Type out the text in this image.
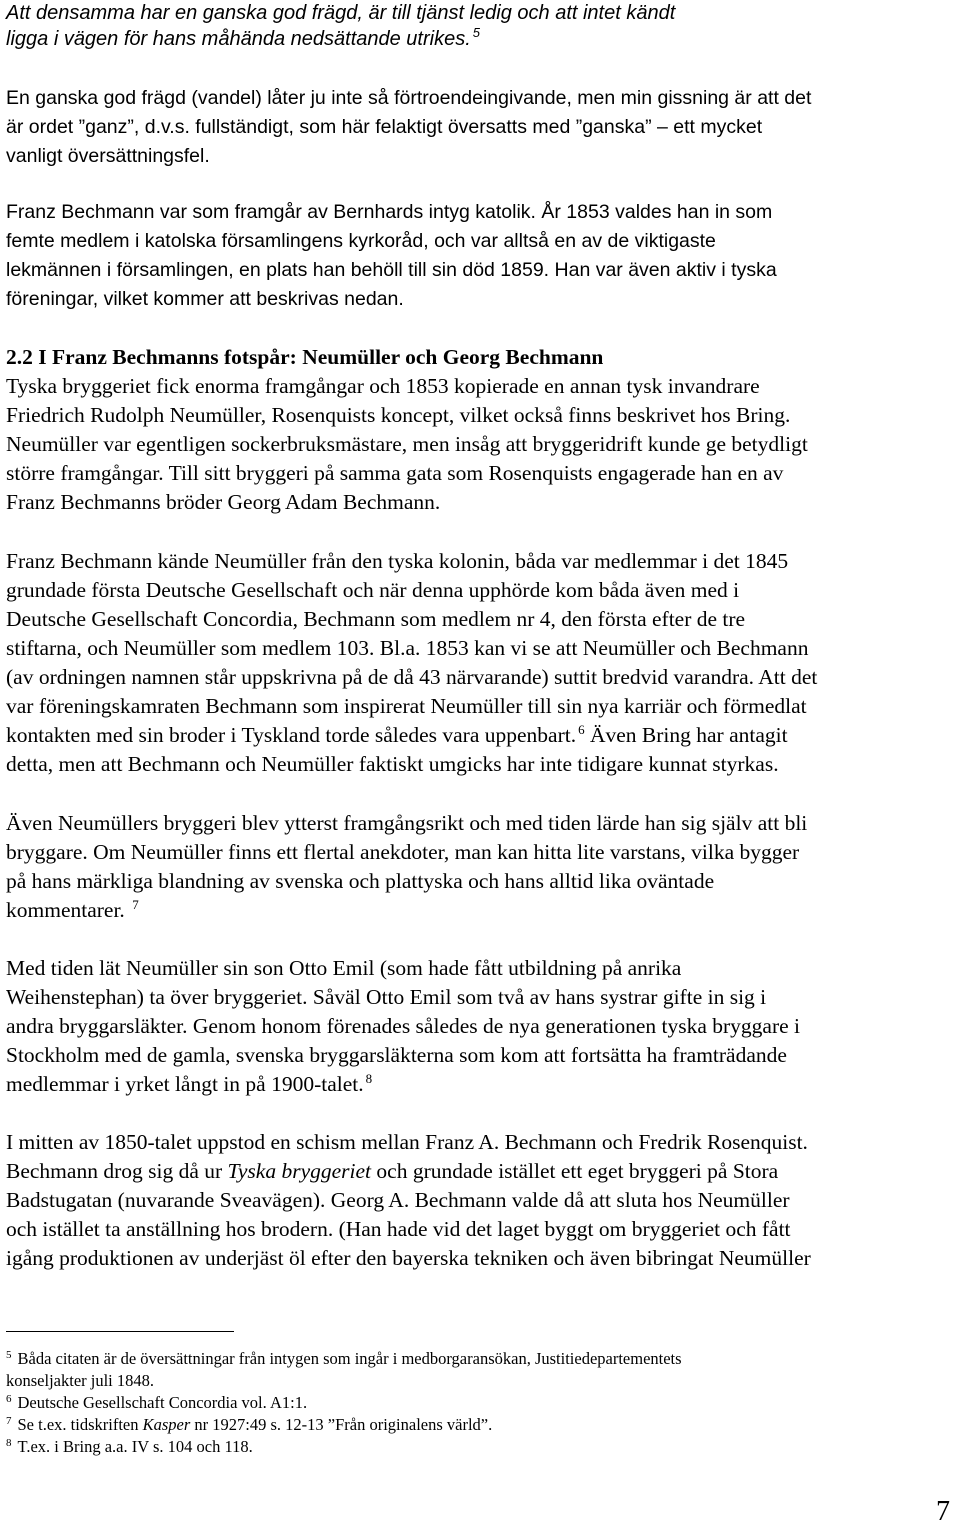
Att densamma har en ganska god frägd, är till tjänst ledig och att intet kändt
ligga i vägen för hans måhända nedsättande utrikes. $^5$
En ganska god frägd (vandel) låter ju inte så förtroendeingivande, men min gissning är att det
är ordet ”ganz”, d.v.s. fullständigt, som här felaktigt översatts med ”ganska” – ett mycket
vanligt översättningsfel.
Franz Bechmann var som framgår av Bernhards intyg katolik. År 1853 valdes han in som
femte medlem i katolska församlingens kyrkoråd, och var alltså en av de viktigaste
lekmännen i församlingen, en plats han behöll till sin död 1859. Han var även aktiv i tyska
föreningar, vilket kommer att beskrivas nedan.
2.2 I Franz Bechmanns fotspår: Neumüller och Georg Bechmann
Tyska bryggeriet fick enorma framgångar och 1853 kopierade en annan tysk invandrare
Friedrich Rudolph Neumüller, Rosenquists koncept, vilket också finns beskrivet hos Bring.
Neumüller var egentligen sockerbruksmästare, men insåg att bryggeridrift kunde ge betydligt
större framgångar. Till sitt bryggeri på samma gata som Rosenquists engagerade han en av
Franz Bechmanns bröder Georg Adam Bechmann.
Franz Bechmann kände Neumüller från den tyska kolonin, båda var medlemmar i det 1845
grundade första Deutsche Gesellschaft och när denna upphörde kom båda även med i
Deutsche Gesellschaft Concordia, Bechmann som medlem nr 4, den första efter de tre
stiftarna, och Neumüller som medlem 103. Bl.a. 1853 kan vi se att Neumüller och Bechmann
(av ordningen namnen står uppskrivna på de då 43 närvarande) suttit bredvid varandra. Att det
var föreningskamraten Bechmann som inspirerat Neumüller till sin nya karriär och förmedlat
kontakten med sin broder i Tyskland torde således vara uppenbart. $^6$ Även Bring har antagit
detta, men att Bechmann och Neumüller faktiskt umgicks har inte tidigare kunnat styrkas.
Även Neumüllers bryggeri blev ytterst framgångsrikt och med tiden lärde han sig själv att bli
bryggare. Om Neumüller finns ett flertal anekdoter, man kan hitta lite varstans, vilka bygger
på hans märkliga blandning av svenska och plattyska och hans alltid lika oväntade
kommentarer. $^7$
Med tiden lät Neumüller sin son Otto Emil (som hade fått utbildning på anrika
Weihenstephan) ta över bryggeriet. Såväl Otto Emil som två av hans systrar gifte in sig i
andra bryggarsläkter. Genom honom förenades således de nya generationen tyska bryggare i
Stockholm med de gamla, svenska bryggarsläkterna som kom att fortsätta ha framträdande
medlemmar i yrket långt in på 1900-talet. $^8$
I mitten av 1850-talet uppstod en schism mellan Franz A. Bechmann och Fredrik Rosenquist.
Bechmann drog sig då ur Tyska bryggeriet och grundade istället ett eget bryggeri på Stora
Badstugatan (nuvarande Sveavägen). Georg A. Bechmann valde då att sluta hos Neumüller
och istället ta anställning hos brodern. (Han hade vid det laget byggt om bryggeriet och fått
igång produktionen av underjäst öl efter den bayerska tekniken och även bibringat Neumüller
$^5$ Båda citaten är de översättningar från intygen som ingår i medborgaransökan, Justitiedepartementets
konseljakter juli 1848.
$^6$ Deutsche Gesellschaft Concordia vol. A1:1.
$^7$ Se t.ex. tidskriften Kasper nr 1927:49 s. 12-13 ”Från originalens värld”.
$^8$ T.ex. i Bring a.a. IV s. 104 och 118.
7
